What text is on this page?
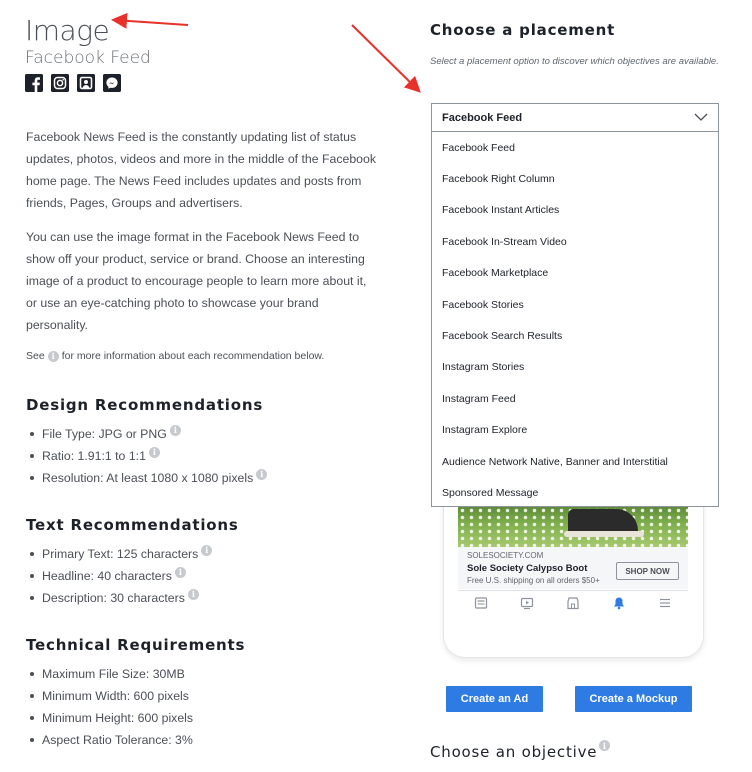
Image
Facebook Feed

Facebook News Feed is the constantly updating list of status updates, photos, videos and more in the middle of the Facebook home page. The News Feed includes updates and posts from friends, Pages, Groups and advertisers.

You can use the image format in the Facebook News Feed to show off your product, service or brand. Choose an interesting image of a product to encourage people to learn more about it, or use an eye-catching photo to showcase your brand personality.

See i for more information about each recommendation below.
Design Recommendations
File Type: JPG or PNG i
Ratio: 1.91:1 to 1:1 i
Resolution: At least 1080 x 1080 pixels i
Text Recommendations
Primary Text: 125 characters i
Headline: 40 characters i
Description: 30 characters i
Technical Requirements
Maximum File Size: 30MB
Minimum Width: 600 pixels
Minimum Height: 600 pixels
Aspect Ratio Tolerance: 3%
Choose a placement

Select a placement option to discover which objectives are available.

SOLESOCIETY.COM
Sole Society Calypso Boot
Free U.S. shipping on all orders $50+
SHOP NOW
Facebook Feed
Facebook Feed
Facebook Right Column
Facebook Instant Articles
Facebook In-Stream Video
Facebook Marketplace
Facebook Stories
Facebook Search Results
Instagram Stories
Instagram Feed
Instagram Explore
Audience Network Native, Banner and Interstitial
Sponsored Message
Create an Ad	Create a Mockup
Choose an objective i
